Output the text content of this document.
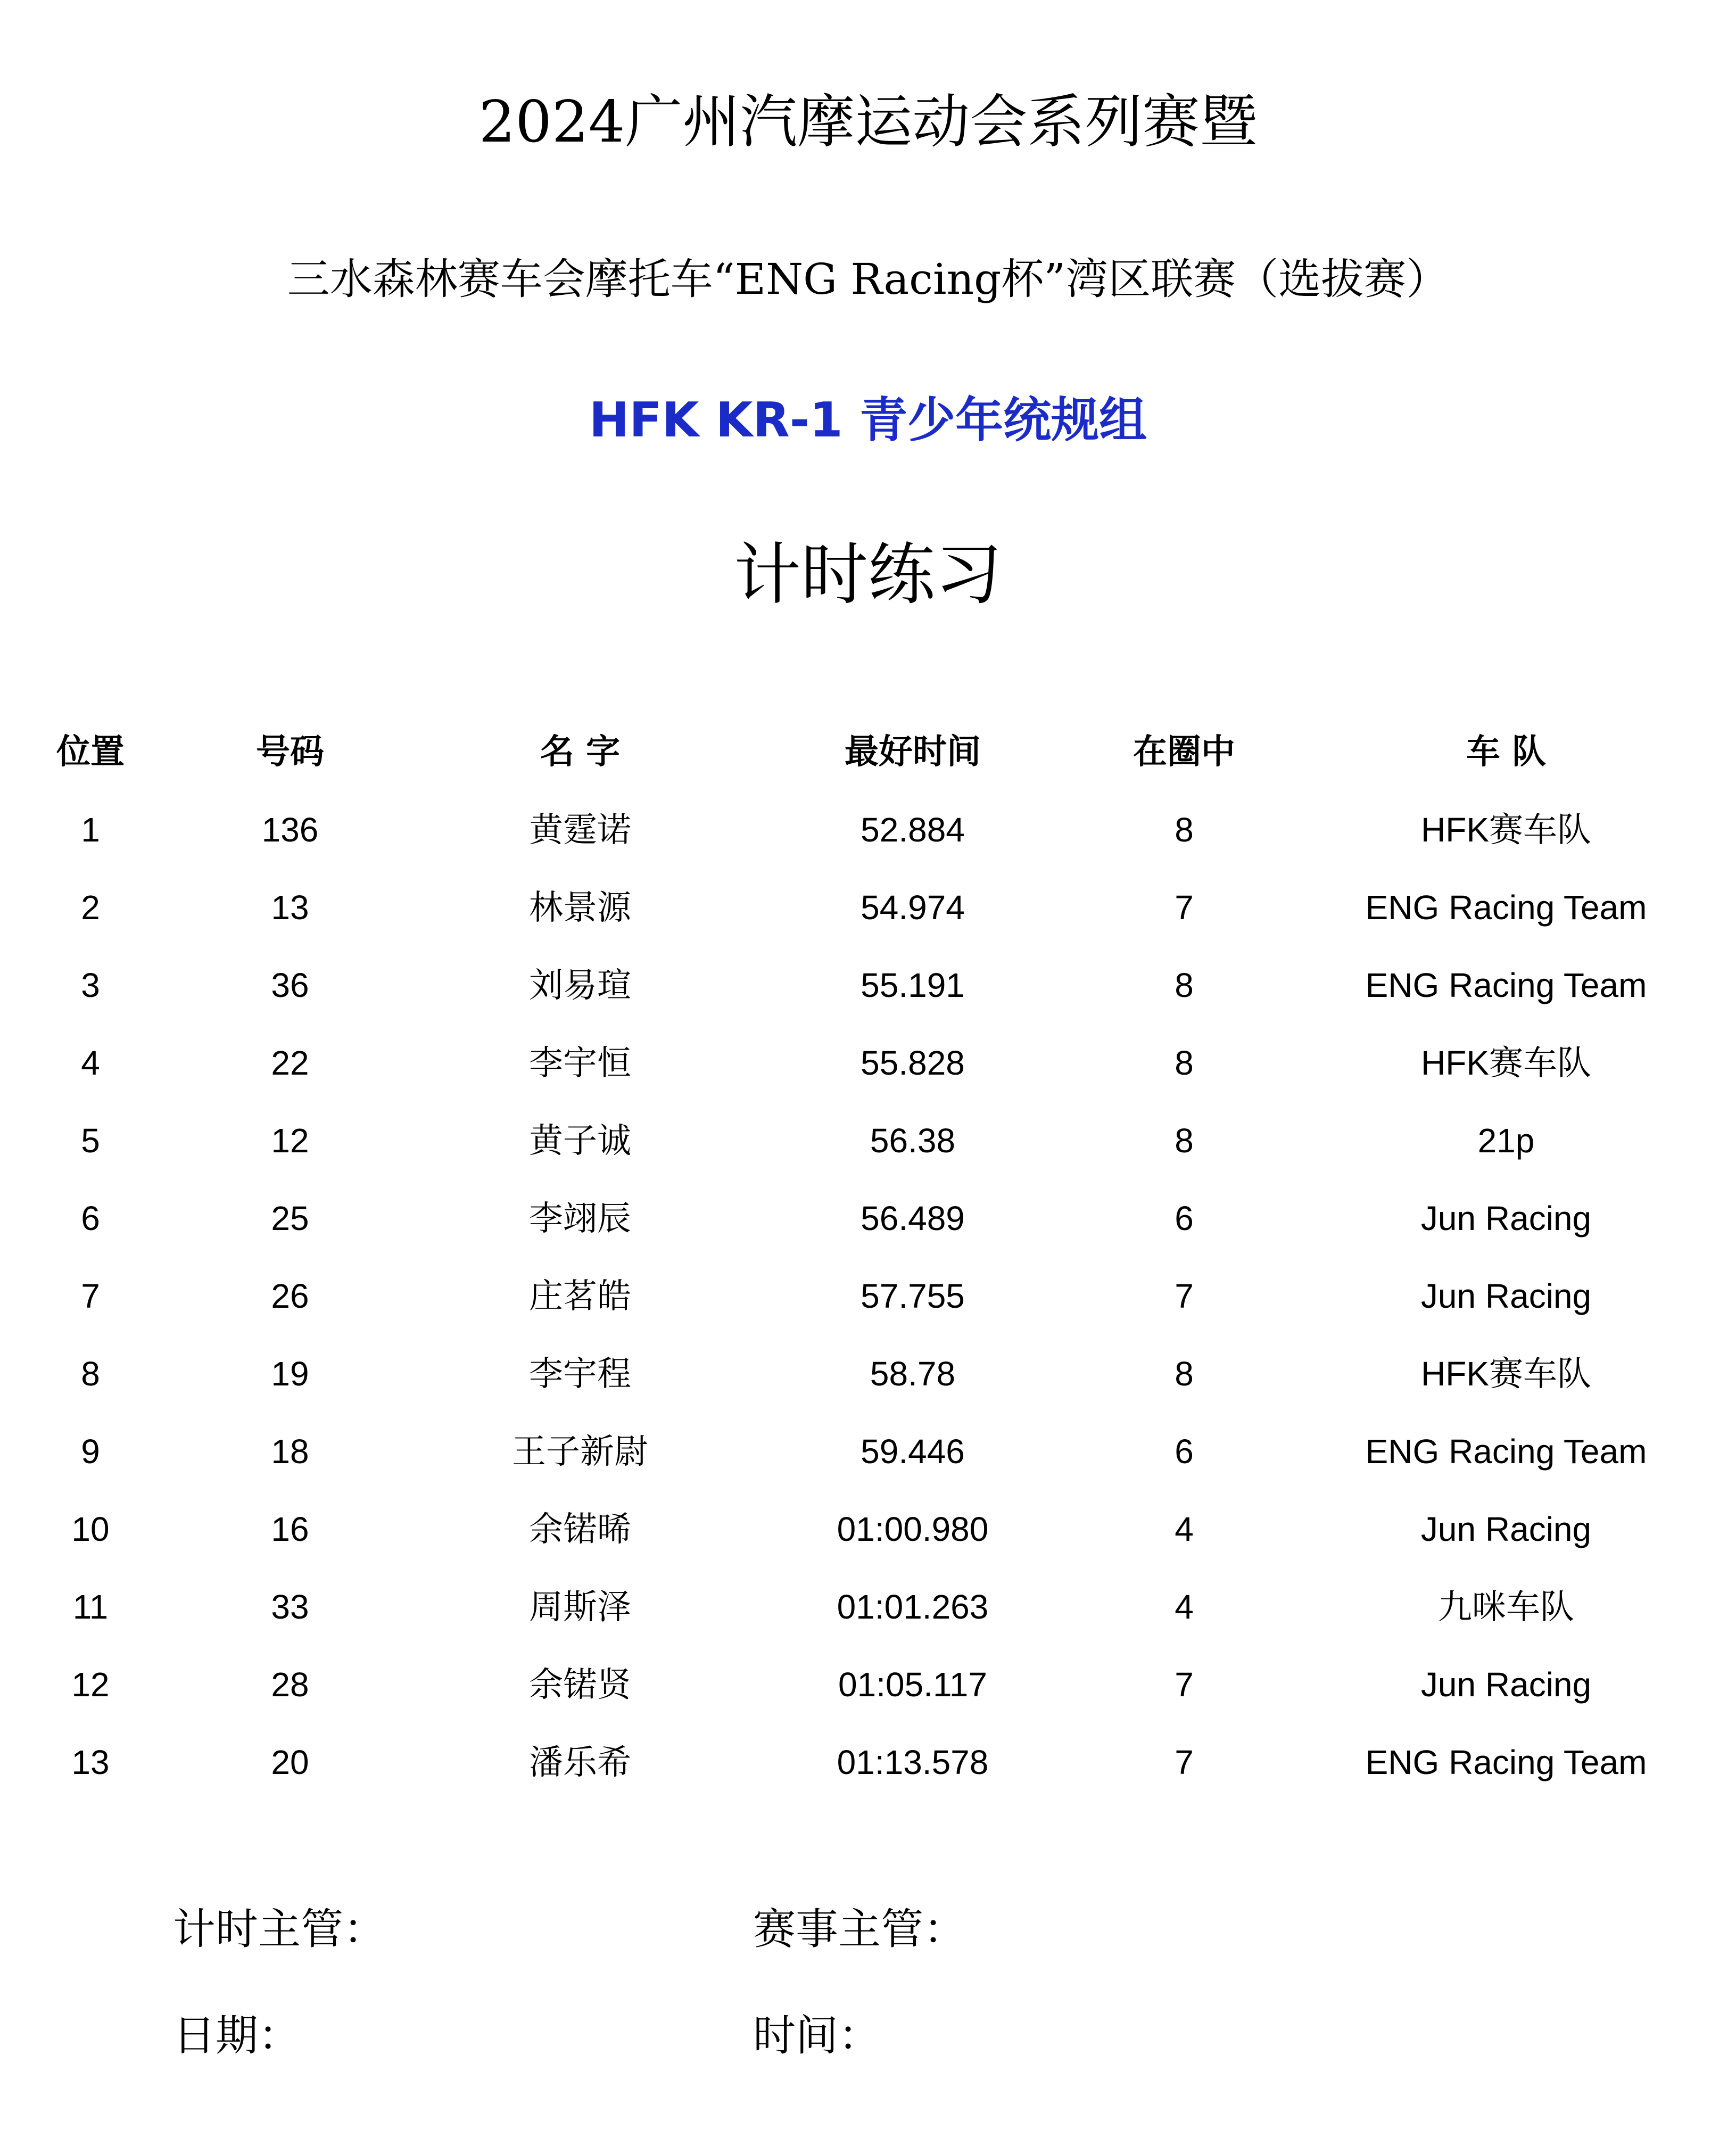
2024广州汽摩运动会系列赛暨
三水森林赛车会摩托车“ENG Racing杯”湾区联赛（选拔赛）
HFK KR-1 青少年统规组
计时练习
位置	号码	名 字	最好时间	在圈中	车 队
1	136	黄霆诺	52.884	8	HFK赛车队
2	13	林景源	54.974	7	ENG Racing Team
3	36	刘易瑄	55.191	8	ENG Racing Team
4	22	李宇恒	55.828	8	HFK赛车队
5	12	黄子诚	56.38	8	21p
6	25	李翊辰	56.489	6	Jun Racing
7	26	庄茗皓	57.755	7	Jun Racing
8	19	李宇程	58.78	8	HFK赛车队
9	18	王子新尉	59.446	6	ENG Racing Team
10	16	余锘晞	01:00.980	4	Jun Racing
11	33	周斯泽	01:01.263	4	九咪车队
12	28	余锘贤	01:05.117	7	Jun Racing
13	20	潘乐希	01:13.578	7	ENG Racing Team
计时主管：	赛事主管：
日期：	时间：
